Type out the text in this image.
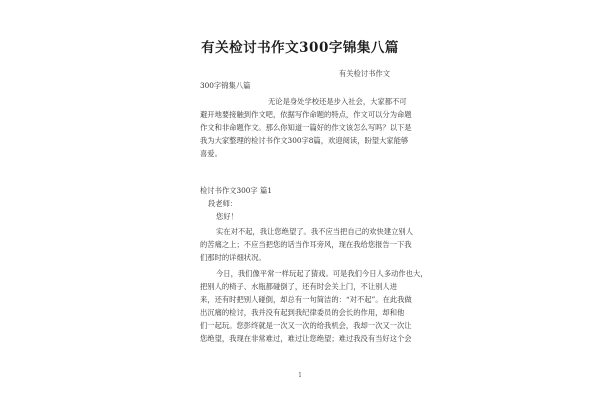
有关检讨书作文300字锦集八篇
有关检讨书作文
300字锦集八篇
无论是身处学校还是步入社会，大家都不可
避开地要接触到作文吧，依据写作命题的特点，作文可以分为命题
作文和非命题作文。那么你知道一篇好的作文该怎么写吗？以下是
我为大家整理的检讨书作文300字8篇，欢迎阅读，盼望大家能够
喜爱。
检讨书作文300字 篇1
段老师：
您好！
实在对不起，我让您绝望了。我不应当把自己的欢快建立别人
的苦痛之上；不应当把您的话当作耳旁风，现在我给您报告一下我
们那时的详细状况。
今日，我们像平常一样玩起了猜戏。可是我们今日人多动作也大，
把别人的椅子、水瓶都碰倒了，还有时会关上门，不让别人进
来，还有时把别人碰倒，却总有一句简洁的：“对不起”。在此我做
出沉痛的检讨，我并没有起到我纪律委员的会长的作用，却和他
们一起玩。您彭终就是一次又一次的给我机会，我却一次又一次让
您绝望，我现在非常难过，难过让您绝望；难过我没有当好这个会
1
